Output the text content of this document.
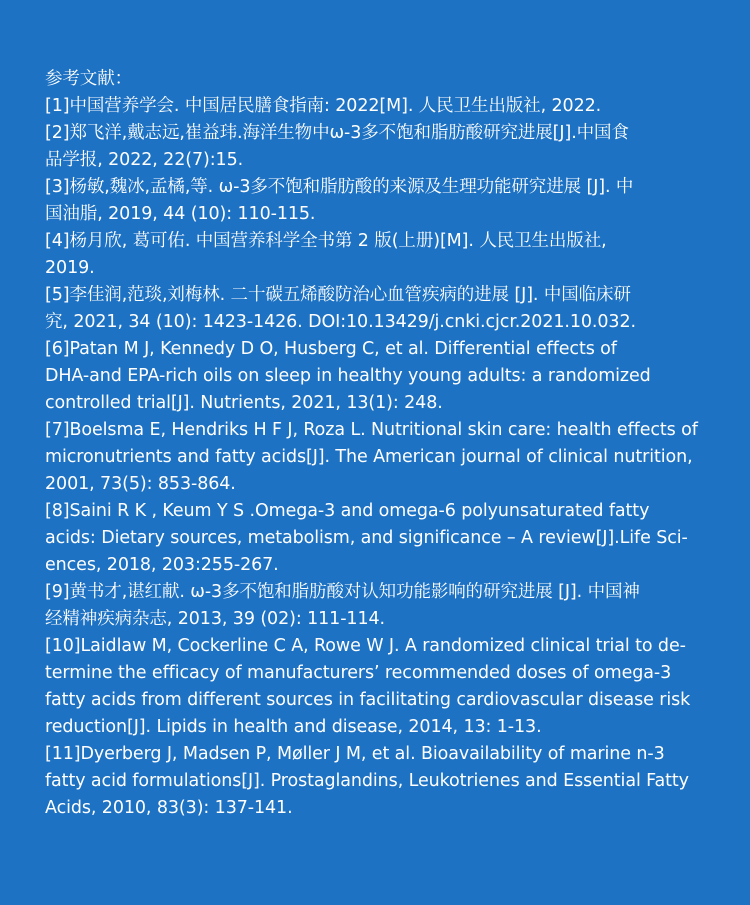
参考文献：
[1]中国营养学会. 中国居民膳食指南: 2022[M]. 人民卫生出版社, 2022.
[2]郑飞洋,戴志远,崔益玮.海洋生物中ω-3多不饱和脂肪酸研究进展[J].中国食
品学报, 2022, 22(7):15.
[3]杨敏,魏冰,孟橘,等. ω-3多不饱和脂肪酸的来源及生理功能研究进展 [J]. 中
国油脂, 2019, 44 (10): 110-115.
[4]杨月欣, 葛可佑. 中国营养科学全书第 2 版(上册)[M]. 人民卫生出版社,
2019.
[5]李佳润,范琰,刘梅林. 二十碳五烯酸防治心血管疾病的进展 [J]. 中国临床研
究, 2021, 34 (10): 1423-1426. DOI:10.13429/j.cnki.cjcr.2021.10.032.
[6]Patan M J, Kennedy D O, Husberg C, et al. Differential effects of
DHA-and EPA-rich oils on sleep in healthy young adults: a randomized
controlled trial[J]. Nutrients, 2021, 13(1): 248.
[7]Boelsma E, Hendriks H F J, Roza L. Nutritional skin care: health effects of
micronutrients and fatty acids[J]. The American journal of clinical nutrition,
2001, 73(5): 853-864.
[8]Saini R K , Keum Y S .Omega-3 and omega-6 polyunsaturated fatty
acids: Dietary sources, metabolism, and significance – A review[J].Life Sci-
ences, 2018, 203:255-267.
[9]黄书才,谌红献. ω-3多不饱和脂肪酸对认知功能影响的研究进展 [J]. 中国神
经精神疾病杂志, 2013, 39 (02): 111-114.
[10]Laidlaw M, Cockerline C A, Rowe W J. A randomized clinical trial to de-
termine the efficacy of manufacturers’ recommended doses of omega-3
fatty acids from different sources in facilitating cardiovascular disease risk
reduction[J]. Lipids in health and disease, 2014, 13: 1-13.
[11]Dyerberg J, Madsen P, Møller J M, et al. Bioavailability of marine n-3
fatty acid formulations[J]. Prostaglandins, Leukotrienes and Essential Fatty
Acids, 2010, 83(3): 137-141.
